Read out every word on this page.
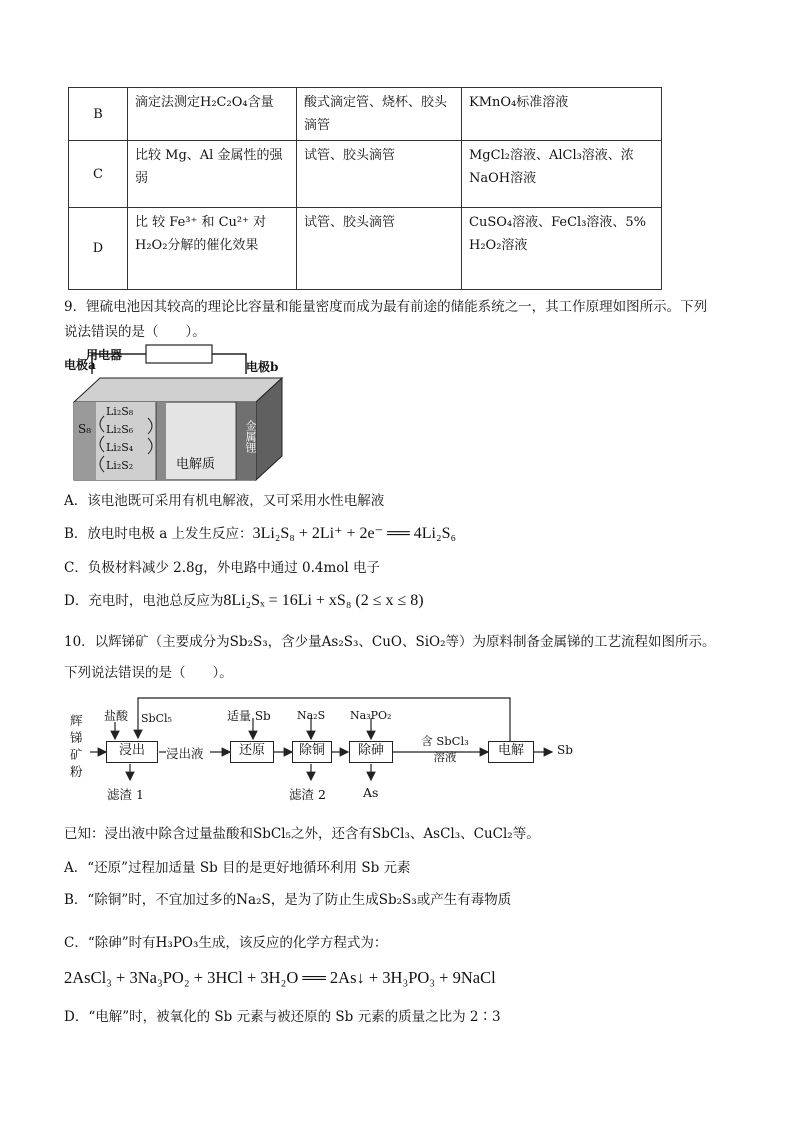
B	滴定法测定H₂C₂O₄含量	酸式滴定管、烧杯、胶头滴管	KMnO₄标准溶液
C	比较 Mg、Al 金属性的强弱	试管、胶头滴管	MgCl₂溶液、AlCl₃溶液、浓NaOH溶液
D	比 较 Fe³⁺ 和 Cu²⁺ 对 H₂O₂分解的催化效果	试管、胶头滴管	CuSO₄溶液、FeCl₃溶液、5% H₂O₂溶液
9．锂硫电池因其较高的理论比容量和能量密度而成为最有前途的储能系统之一，其工作原理如图所示。下列
说法错误的是（　　）。
用电器
电极a	电极b
S₈
Li₂S₈
Li₂S₆
Li₂S₄
Li₂S₂	电解质
金属锂
A．该电池既可采用有机电解液，又可采用水性电解液
B．放电时电极 a 上发生反应：3Li₂S₈ + 2Li⁺ + 2e⁻ ══ 4Li₂S₆
C．负极材料减少 2.8g，外电路中通过 0.4mol 电子
D．充电时，电池总反应为8Li₂Sₓ = 16Li + xS₈ (2 ≤ x ≤ 8)
10．以辉锑矿（主要成分为Sb₂S₃，含少量As₂S₃、CuO、SiO₂等）为原料制备金属锑的工艺流程如图所示。
下列说法错误的是（　　）。
辉锑矿粉
盐酸 SbCl₅
浸出	浸出液
适量 Sb
还原
Na₂S
除铜
Na₃PO₂
除砷
含 SbCl₃ 溶液	电解	Sb
滤渣 1	滤渣 2	As
已知：浸出液中除含过量盐酸和SbCl₅之外，还含有SbCl₃、AsCl₃、CuCl₂等。
A．“还原”过程加适量 Sb 目的是更好地循环利用 Sb 元素
B．“除铜”时，不宜加过多的Na₂S，是为了防止生成Sb₂S₃或产生有毒物质
C．“除砷”时有H₃PO₃生成，该反应的化学方程式为：
2AsCl₃ + 3Na₃PO₂ + 3HCl + 3H₂O ══ 2As↓ + 3H₃PO₃ + 9NaCl
D．“电解”时，被氧化的 Sb 元素与被还原的 Sb 元素的质量之比为 2∶3
